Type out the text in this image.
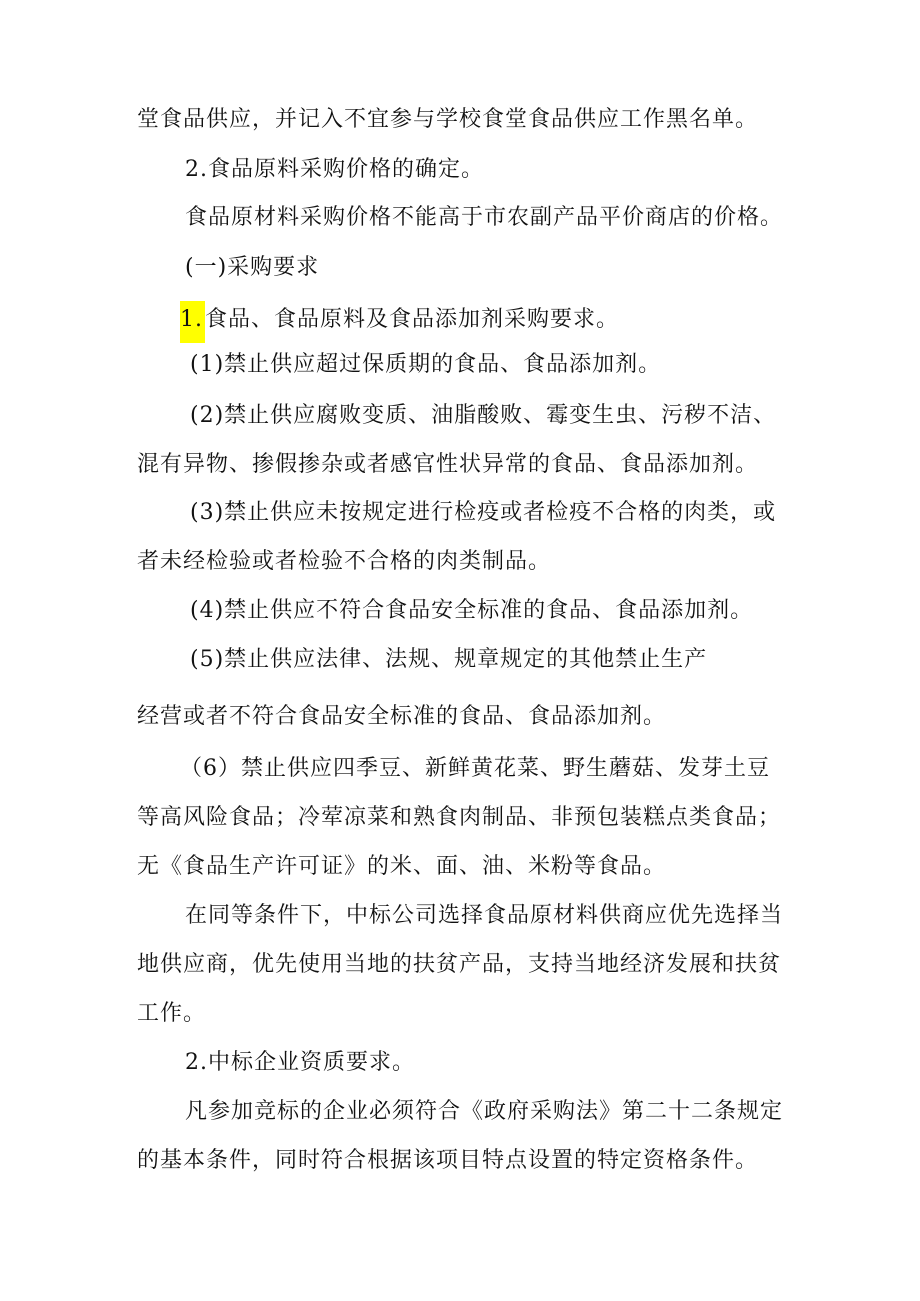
堂食品供应，并记入不宜参与学校食堂食品供应工作黑名单。
2.食品原料采购价格的确定。
食品原材料采购价格不能高于市农副产品平价商店的价格。
(一)采购要求
1.食品、食品原料及食品添加剂采购要求。
(1)禁止供应超过保质期的食品、食品添加剂。
(2)禁止供应腐败变质、油脂酸败、霉变生虫、污秽不洁、
混有异物、掺假掺杂或者感官性状异常的食品、食品添加剂。
(3)禁止供应未按规定进行检疫或者检疫不合格的肉类，或
者未经检验或者检验不合格的肉类制品。
(4)禁止供应不符合食品安全标准的食品、食品添加剂。
(5)禁止供应法律、法规、规章规定的其他禁止生产
经营或者不符合食品安全标准的食品、食品添加剂。
（6）禁止供应四季豆、新鲜黄花菜、野生蘑菇、发芽土豆
等高风险食品；冷荤凉菜和熟食肉制品、非预包装糕点类食品；
无《食品生产许可证》的米、面、油、米粉等食品。
在同等条件下，中标公司选择食品原材料供商应优先选择当
地供应商，优先使用当地的扶贫产品，支持当地经济发展和扶贫
工作。
2.中标企业资质要求。
凡参加竞标的企业必须符合《政府采购法》第二十二条规定
的基本条件，同时符合根据该项目特点设置的特定资格条件。
